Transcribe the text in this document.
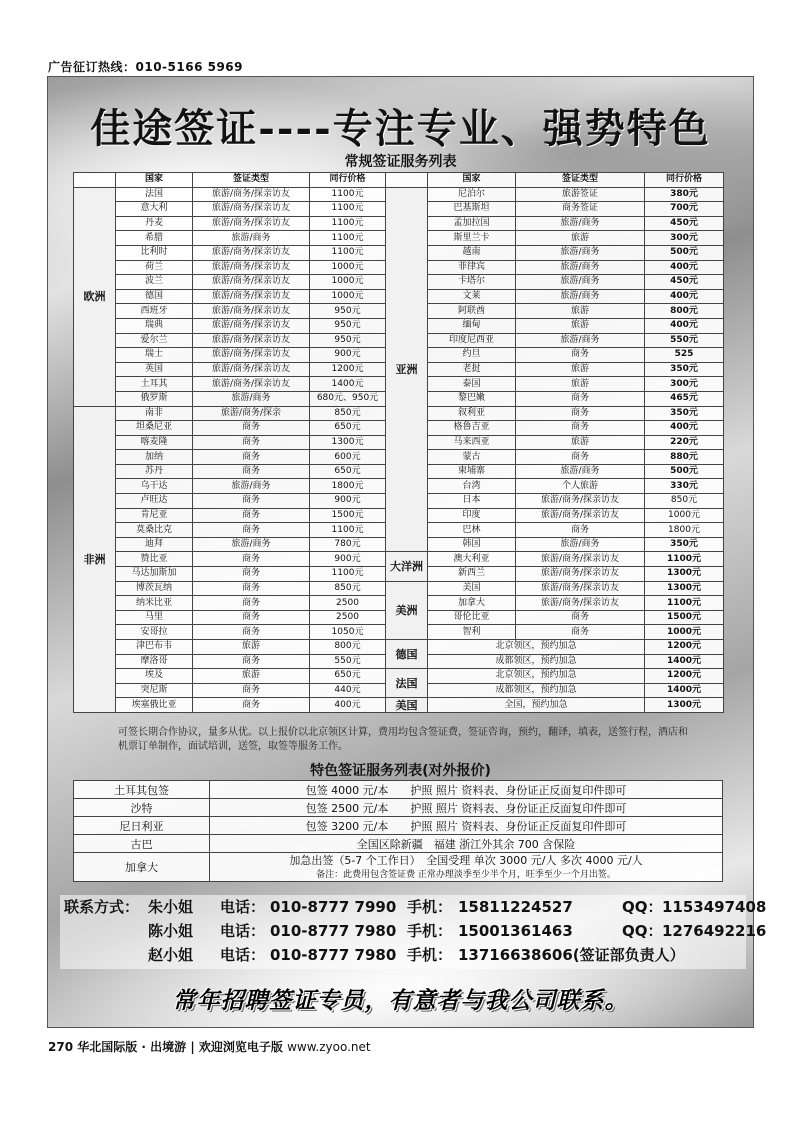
广告征订热线：010-5166 5969
佳途签证----专注专业、强势特色
常规签证服务列表
	国家	签证类型	同行价格		国家	签证类型	同行价格
欧洲	法国	旅游/商务/探亲访友	1100元	亚洲	尼泊尔	旅游签证	380元
	意大利	旅游/商务/探亲访友	1100元		巴基斯坦	商务签证	700元
	丹麦	旅游/商务/探亲访友	1100元		孟加拉国	旅游/商务	450元
	希腊	旅游/商务	1100元		斯里兰卡	旅游	300元
	比利时	旅游/商务/探亲访友	1100元		越南	旅游/商务	500元
	荷兰	旅游/商务/探亲访友	1000元		菲律宾	旅游/商务	400元
	波兰	旅游/商务/探亲访友	1000元		卡塔尔	旅游/商务	450元
	德国	旅游/商务/探亲访友	1000元		文莱	旅游/商务	400元
	西班牙	旅游/商务/探亲访友	950元		阿联酋	旅游	800元
	瑞典	旅游/商务/探亲访友	950元		缅甸	旅游	400元
	爱尔兰	旅游/商务/探亲访友	950元		印度尼西亚	旅游/商务	550元
	瑞士	旅游/商务/探亲访友	900元		约旦	商务	525
	英国	旅游/商务/探亲访友	1200元		老挝	旅游	350元
	土耳其	旅游/商务/探亲访友	1400元		泰国	旅游	300元
	俄罗斯	旅游/商务	680元、950元		黎巴嫩	商务	465元
非洲	南非	旅游/商务/探亲	850元		叙利亚	商务	350元
	坦桑尼亚	商务	650元		格鲁吉亚	商务	400元
	喀麦隆	商务	1300元		马来西亚	旅游	220元
	加纳	商务	600元		蒙古	商务	880元
	苏丹	商务	650元		柬埔寨	旅游/商务	500元
	乌干达	旅游/商务	1800元		台湾	个人旅游	330元
	卢旺达	商务	900元		日本	旅游/商务/探亲访友	850元
	肯尼亚	商务	1500元		印度	旅游/商务/探亲访友	1000元
	莫桑比克	商务	1100元		巴林	商务	1800元
	迪拜	旅游/商务	780元		韩国	旅游/商务	350元
	赞比亚	商务	900元	大洋洲	澳大利亚	旅游/商务/探亲访友	1100元
	马达加斯加	商务	1100元		新西兰	旅游/商务/探亲访友	1300元
	博茨瓦纳	商务	850元	美洲	美国	旅游/商务/探亲访友	1300元
	纳米比亚	商务	2500		加拿大	旅游/商务/探亲访友	1100元
	马里	商务	2500		哥伦比亚	商务	1500元
	安哥拉	商务	1050元		智利	商务	1000元
	津巴布韦	旅游	800元	德国	北京领区，预约加急		1200元
	摩洛哥	商务	550元		成都领区，预约加急		1400元
	埃及	旅游	650元	法国	北京领区，预约加急		1200元
	突尼斯	商务	440元		成都领区，预约加急		1400元
	埃塞俄比亚	商务	400元	美国	全国，预约加急		1300元
可签长期合作协议，量多从优。以上报价以北京领区计算，费用均包含签证费，签证咨询，预约，翻译，填表，送签行程，酒店和机票订单制作，面试培训，送签，取签等服务工作。
特色签证服务列表(对外报价)
土耳其包签	包签 4000 元/本　　护照 照片 资料表、身份证正反面复印件即可
沙特	包签 2500 元/本　　护照 照片 资料表、身份证正反面复印件即可
尼日利亚	包签 3200 元/本　　护照 照片 资料表、身份证正反面复印件即可
古巴	全国区除新疆　福建 浙江外其余 700 含保险
加拿大	加急出签（5-7 个工作日）　全国受理 单次 3000 元/人 多次 4000 元/人
备注：此费用包含签证费 正常办理淡季至少半个月，旺季至少一个月出签。
联系方式： 朱小姐 电话： 010-8777 7990 手机： 15811224527	QQ： 1153497408
陈小姐 电话： 010-8777 7980 手机： 15001361463	QQ： 1276492216
赵小姐 电话： 010-8777 7980 手机： 13716638606(签证部负责人）
常年招聘签证专员，有意者与我公司联系。
270 华北国际版 · 出境游 | 欢迎浏览电子版 www.zyoo.net
